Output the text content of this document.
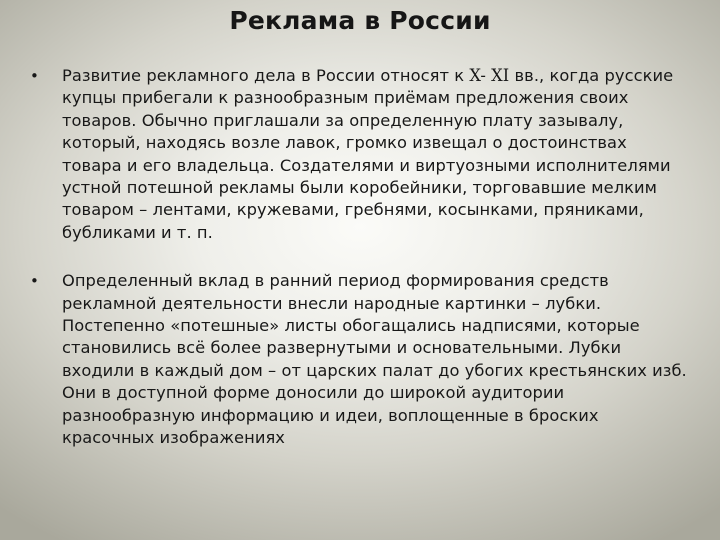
Реклама в России
• Развитие рекламного дела в России относят к X- XI вв., когда русские купцы прибегали к разнообразным приёмам предложения своих товаров. Обычно приглашали за определенную плату зазывалу, который, находясь возле лавок, громко извещал о достоинствах товара и его владельца. Создателями и виртуозными исполнителями устной потешной рекламы были коробейники, торговавшие мелким товаром – лентами, кружевами, гребнями, косынками, пряниками, бубликами и т. п.
• Определенный вклад в ранний период формирования средств рекламной деятельности внесли народные картинки – лубки. Постепенно «потешные» листы обогащались надписями, которые становились всё более развернутыми и основательными. Лубки входили в каждый дом – от царских палат до убогих крестьянских изб. Они в доступной форме доносили до широкой аудитории разнообразную информацию и идеи, воплощенные в броских красочных изображениях
